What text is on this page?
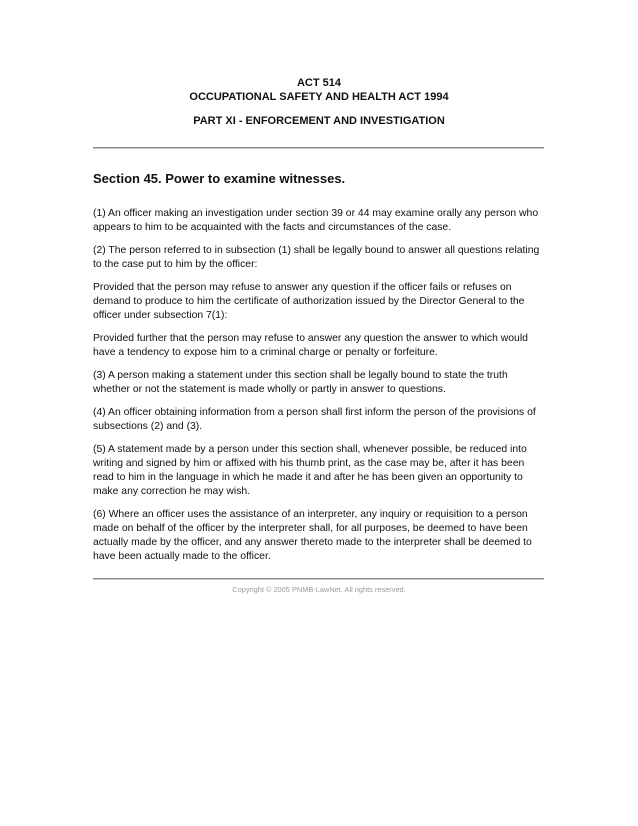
ACT 514
OCCUPATIONAL SAFETY AND HEALTH ACT 1994
PART XI - ENFORCEMENT AND INVESTIGATION
Section 45. Power to examine witnesses.

(1) An officer making an investigation under section 39 or 44 may examine orally any person who
appears to him to be acquainted with the facts and circumstances of the case.

(2) The person referred to in subsection (1) shall be legally bound to answer all questions relating
to the case put to him by the officer:

Provided that the person may refuse to answer any question if the officer fails or refuses on
demand to produce to him the certificate of authorization issued by the Director General to the
officer under subsection 7(1):

Provided further that the person may refuse to answer any question the answer to which would
have a tendency to expose him to a criminal charge or penalty or forfeiture.

(3) A person making a statement under this section shall be legally bound to state the truth
whether or not the statement is made wholly or partly in answer to questions.

(4) An officer obtaining information from a person shall first inform the person of the provisions of
subsections (2) and (3).

(5) A statement made by a person under this section shall, whenever possible, be reduced into
writing and signed by him or affixed with his thumb print, as the case may be, after it has been
read to him in the language in which he made it and after he has been given an opportunity to
make any correction he may wish.

(6) Where an officer uses the assistance of an interpreter, any inquiry or requisition to a person
made on behalf of the officer by the interpreter shall, for all purposes, be deemed to have been
actually made by the officer, and any answer thereto made to the interpreter shall be deemed to
have been actually made to the officer.

Copyright © 2005 PNMB-LawNet. All rights reserved.
